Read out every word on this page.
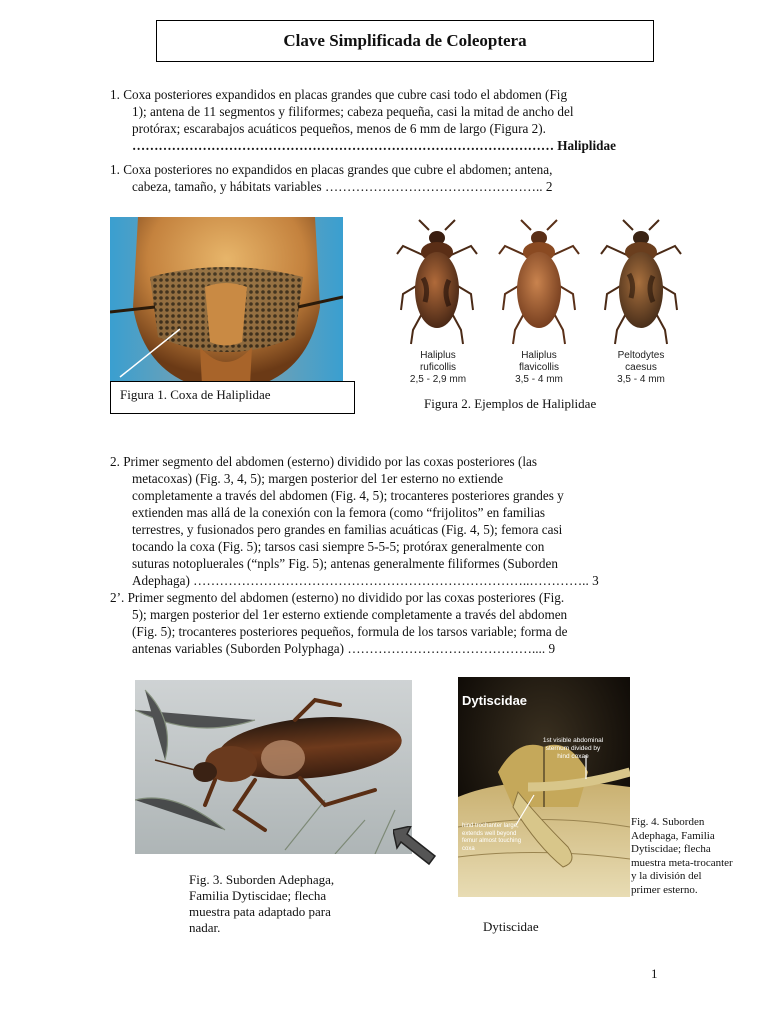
Clave Simplificada de Coleoptera
1. Coxa posteriores expandidos en placas grandes que cubre casi todo el abdomen (Fig
1); antena de 11 segmentos y filiformes; cabeza pequeña, casi la mitad de ancho del
protórax; escarabajos acuáticos pequeños, menos de 6 mm de largo (Figura 2).
…………………………………………………………………………………… Haliplidae
1. Coxa posteriores no expandidos en placas grandes que cubre el abdomen; antena,
cabeza, tamaño, y hábitats variables ………………………………………….. 2
Figura 1. Coxa de Haliplidae
Haliplus
ruficollis
2,5 - 2,9 mm
Haliplus
flavicollis
3,5 - 4 mm
Peltodytes
caesus
3,5 - 4 mm
Figura 2. Ejemplos de Haliplidae
2. Primer segmento del abdomen (esterno) dividido por las coxas posteriores (las
metacoxas) (Fig. 3, 4, 5); margen posterior del 1er esterno no extiende
completamente a través del abdomen (Fig. 4, 5); trocanteres posteriores grandes y
extienden mas allá de la conexión con la femora (como “frijolitos” en familias
terrestres, y fusionados pero grandes en familias acuáticas (Fig. 4, 5); femora casi
tocando la coxa (Fig. 5); tarsos casi siempre 5-5-5; protórax generalmente con
suturas notopluerales (“npls” Fig. 5); antenas generalmente filiformes (Suborden
Adephaga) …………………………………………………………………..………….. 3
2’. Primer segmento del abdomen (esterno) no dividido por las coxas posteriores (Fig.
5); margen posterior del 1er esterno extiende completamente a través del abdomen
(Fig. 5); trocanteres posteriores pequeños, formula de los tarsos variable; forma de
antenas variables (Suborden Polyphaga) …………………………………….... 9
Fig. 3. Suborden Adephaga,
Familia Dytiscidae; flecha
muestra pata adaptado para
nadar.
Dytiscidae
1st visible abdominal
sternum divided by
hind coxae
hind trochanter large,
extends well beyond
femur almost touching
coxa
Dytiscidae
Fig. 4. Suborden
Adephaga, Familia
Dytiscidae; flecha
muestra meta-trocanter
y la división del
primer esterno.
1
